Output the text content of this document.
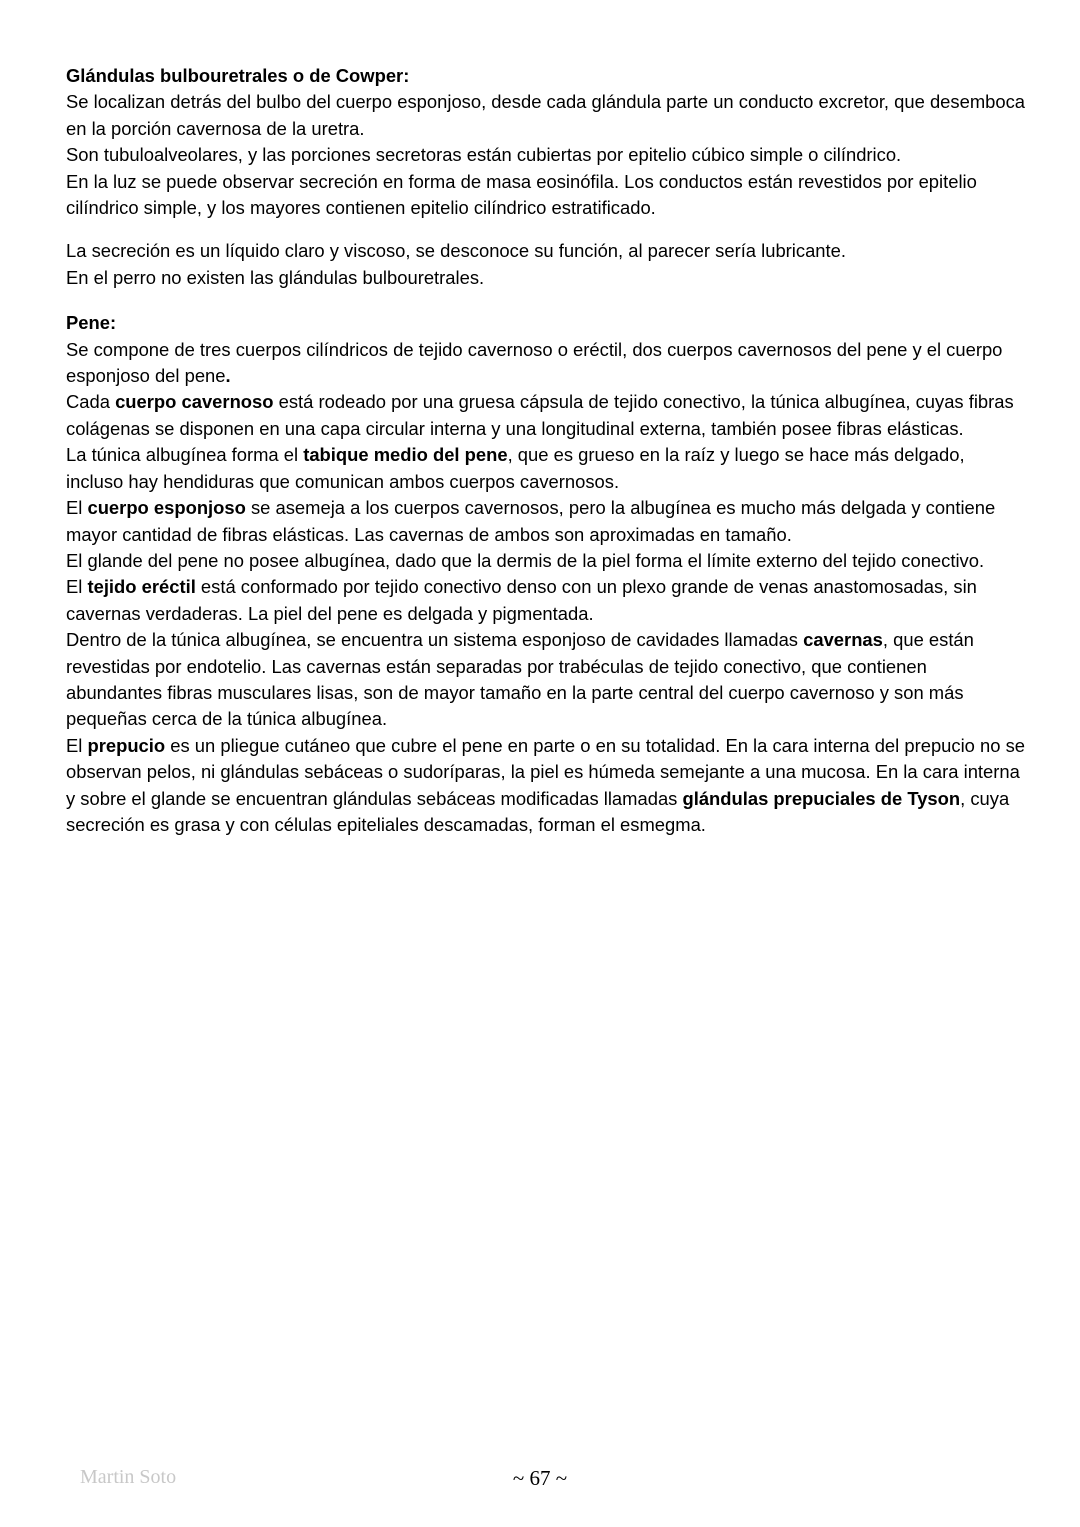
Glándulas bulbouretrales o de Cowper:

Se localizan detrás del bulbo del cuerpo esponjoso, desde cada glándula parte un conducto excretor, que desemboca en la porción cavernosa de la uretra.

Son tubuloalveolares, y las porciones secretoras están cubiertas por epitelio cúbico simple o cilíndrico.

En la luz se puede observar secreción en forma de masa eosinófila. Los conductos están revestidos por epitelio cilíndrico simple, y los mayores contienen epitelio cilíndrico estratificado.

La secreción es un líquido claro y viscoso, se desconoce su función, al parecer sería lubricante.

En el perro no existen las glándulas bulbouretrales.

Pene:

Se compone de tres cuerpos cilíndricos de tejido cavernoso o eréctil, dos cuerpos cavernosos del pene y el cuerpo esponjoso del pene.

Cada cuerpo cavernoso está rodeado por una gruesa cápsula de tejido conectivo, la túnica albugínea, cuyas fibras colágenas se disponen en una capa circular interna y una longitudinal externa, también posee fibras elásticas.

La túnica albugínea forma el tabique medio del pene, que es grueso en la raíz y luego se hace más delgado, incluso hay hendiduras que comunican ambos cuerpos cavernosos.

El cuerpo esponjoso se asemeja a los cuerpos cavernosos, pero la albugínea es mucho más delgada y contiene mayor cantidad de fibras elásticas. Las cavernas de ambos son aproximadas en tamaño.

El glande del pene no posee albugínea, dado que la dermis de la piel forma el límite externo del tejido conectivo.

El tejido eréctil está conformado por tejido conectivo denso con un plexo grande de venas anastomosadas, sin cavernas verdaderas. La piel del pene es delgada y pigmentada.

Dentro de la túnica albugínea, se encuentra un sistema esponjoso de cavidades llamadas cavernas, que están revestidas por endotelio. Las cavernas están separadas por trabéculas de tejido conectivo, que contienen abundantes fibras musculares lisas, son de mayor tamaño en la parte central del cuerpo cavernoso y son más pequeñas cerca de la túnica albugínea.

El prepucio es un pliegue cutáneo que cubre el pene en parte o en su totalidad. En la cara interna del prepucio no se observan pelos, ni glándulas sebáceas o sudoríparas, la piel es húmeda semejante a una mucosa. En la cara interna y sobre el glande se encuentran glándulas sebáceas modificadas llamadas glándulas prepuciales de Tyson, cuya secreción es grasa y con células epiteliales descamadas, forman el esmegma.

Martin Soto	~ 67 ~
